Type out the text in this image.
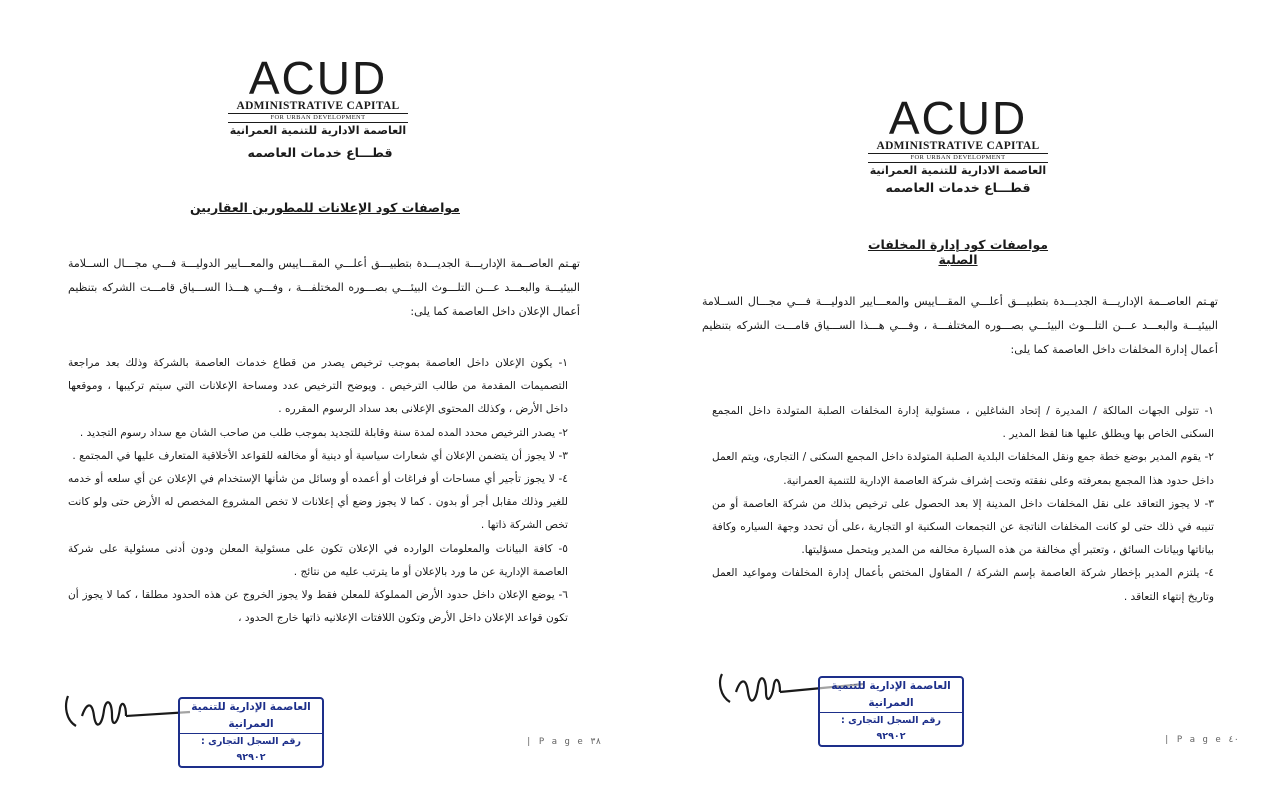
ACUD
ADMINISTRATIVE CAPITAL
FOR URBAN DEVELOPMENT
العاصمة الادارية للتنمية العمرانية
قطـــاع خدمات العاصمه
مواصفات كود الإعلانات للمطورين العقاريين
تهـتم العاصــمة الإداريـــة الجديـــدة بتطبيـــق أعلـــي المقـــاييس والمعـــايير الدوليـــة فـــي مجـــال الســلامة البيئيـــة والبعـــد عـــن التلـــوث البيئـــي بصـــوره المختلفـــة ، وفـــي هـــذا الســـياق قامـــت الشركه بتنظيم أعمال الإعلان داخل العاصمة كما يلى:

١- يكون الإعلان داخل العاصمة بموجب ترخيص يصدر من قطاع خدمات العاصمة بالشركة وذلك بعد مراجعة التصميمات المقدمة من طالب الترخيص . ويوضح الترخيص عدد ومساحة الإعلانات التي سيتم تركيبها ، وموقعها داخل الأرض ، وكذلك المحتوى الإعلانى بعد سداد الرسوم المقرره .

٢- يصدر الترخيص محدد المده لمدة سنة وقابلة للتجديد بموجب طلب من صاحب الشان مع سداد رسوم التجديد .

٣- لا يجوز أن يتضمن الإعلان أي شعارات سياسية أو دينية أو مخالفه للقواعد الأخلاقية المتعارف عليها في المجتمع .

٤- لا يجوز تأجير أي مساحات أو فراغات أو أعمده أو وسائل من شأنها الإستخدام في الإعلان عن أي سلعه أو خدمه للغير وذلك مقابل أجر أو بدون . كما لا يجوز وضع أي إعلانات لا تخص المشروع المخصص له الأرض حتى ولو كانت تخص الشركة ذاتها .

٥- كافة البيانات والمعلومات الوارده في الإعلان تكون على مسئولية المعلن ودون أدنى مسئولية على شركة العاصمة الإدارية عن ما ورد بالإعلان أو ما يترتب عليه من نتائج .

٦- يوضع الإعلان داخل حدود الأرض المملوكة للمعلن فقط ولا يجوز الخروج عن هذه الحدود مطلقا ، كما لا يجوز أن تكون قواعد الإعلان داخل الأرض وتكون اللافتات الإعلانيه ذاتها خارج الحدود ،

العاصمة الإدارية للتنمية العمرانية
رقم السجل التجارى : ٩٢٩٠٢
| P a g e ٣٨
ACUD
ADMINISTRATIVE CAPITAL
FOR URBAN DEVELOPMENT
العاصمة الادارية للتنمية العمرانية
قطـــاع خدمات العاصمه
مواصفات كود إدارة المخلفات الصلبة
تهـتم العاصــمة الإداريـــة الجديـــدة بتطبيـــق أعلـــي المقـــاييس والمعـــايير الدوليـــة فـــي مجـــال الســلامة البيئيـــة والبعـــد عـــن التلـــوث البيئـــي بصـــوره المختلفـــة ، وفـــي هـــذا الســـياق قامـــت الشركه بتنظيم أعمال إدارة المخلفات داخل العاصمة كما يلى:

١- تتولى الجهات المالكة / المديرة / إتحاد الشاغلين ، مسئولية إدارة المخلفات الصلبة المتولدة داخل المجمع السكنى الخاص بها ويطلق عليها هنا لفظ المدير .

٢- يقوم المدير بوضع خطة جمع ونقل المخلفات البلدية الصلبة المتولدة داخل المجمع السكنى / التجارى، ويتم العمل داخل حدود هذا المجمع بمعرفته وعلى نفقته وتحت إشراف شركة العاصمة الإدارية للتنمية العمرانية.

٣- لا يجوز التعاقد على نقل المخلفات داخل المدينة إلا بعد الحصول على ترخيص بذلك من شركة العاصمة أو من تنيبه في ذلك حتى لو كانت المخلفات الناتجة عن التجمعات السكنية او التجارية ،على أن تحدد وجهة السياره وكافة بياناتها وبيانات السائق ، وتعتبر أي مخالفة من هذه السيارة مخالفه من المدير ويتحمل مسؤليتها.

٤- يلتزم المدير بإخطار شركة العاصمة بإسم الشركة / المقاول المختص بأعمال إدارة المخلفات ومواعيد العمل وتاريخ إنتهاء التعاقد .

العاصمة الإدارية للتنمية العمرانية
رقم السجل التجارى : ٩٢٩٠٢	| P a g e ٤٠
